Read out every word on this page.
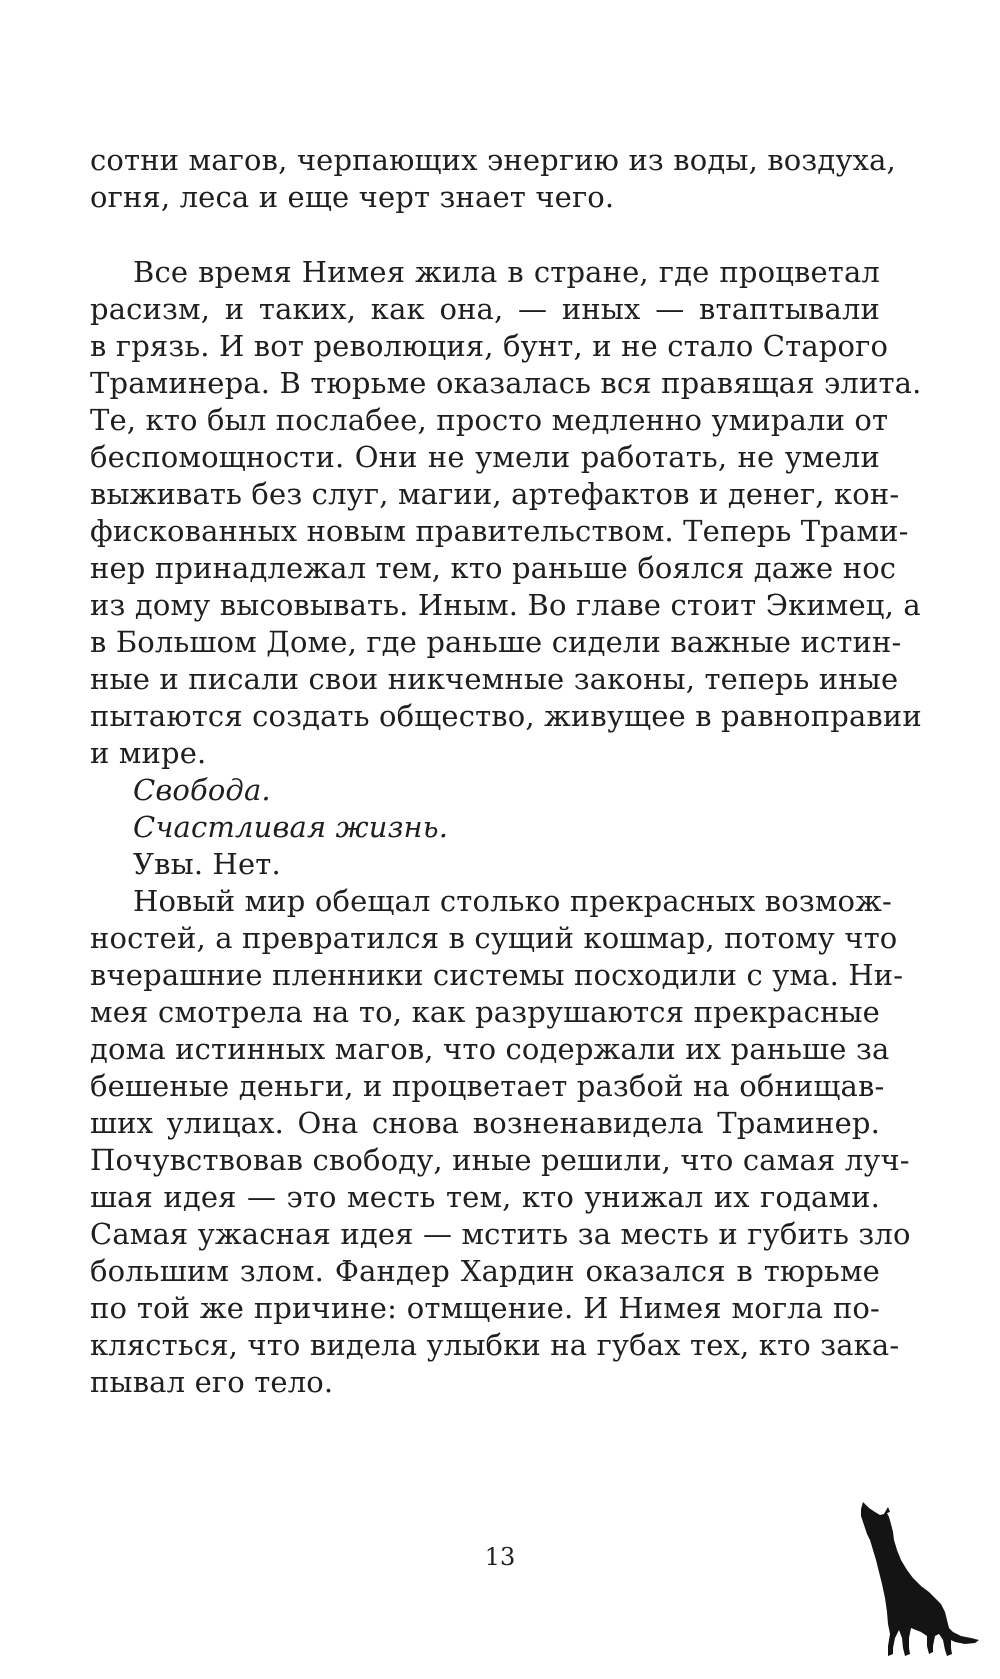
сотни магов, черпающих энергию из воды, воздуха,
огня, леса и еще черт знает чего.
Все время Нимея жила в стране, где процветал
расизм, и таких, как она, — иных — втаптывали
в грязь. И вот революция, бунт, и не стало Старого
Траминера. В тюрьме оказалась вся правящая элита.
Те, кто был послабее, просто медленно умирали от
беспомощности. Они не умели работать, не умели
выживать без слуг, магии, артефактов и денег, кон-
фискованных новым правительством. Теперь Трами-
нер принадлежал тем, кто раньше боялся даже нос
из дому высовывать. Иным. Во главе стоит Экимец, а
в Большом Доме, где раньше сидели важные истин-
ные и писали свои никчемные законы, теперь иные
пытаются создать общество, живущее в равноправии
и мире.
Свобода.
Счастливая жизнь.
Увы. Нет.
Новый мир обещал столько прекрасных возмож-
ностей, а превратился в сущий кошмар, потому что
вчерашние пленники системы посходили с ума. Ни-
мея смотрела на то, как разрушаются прекрасные
дома истинных магов, что содержали их раньше за
бешеные деньги, и процветает разбой на обнищав-
ших улицах. Она снова возненавидела Траминер.
Почувствовав свободу, иные решили, что самая луч-
шая идея — это месть тем, кто унижал их годами.
Самая ужасная идея — мстить за месть и губить зло
большим злом. Фандер Хардин оказался в тюрьме
по той же причине: отмщение. И Нимея могла по-
клясться, что видела улыбки на губах тех, кто зака-
пывал его тело.
13
